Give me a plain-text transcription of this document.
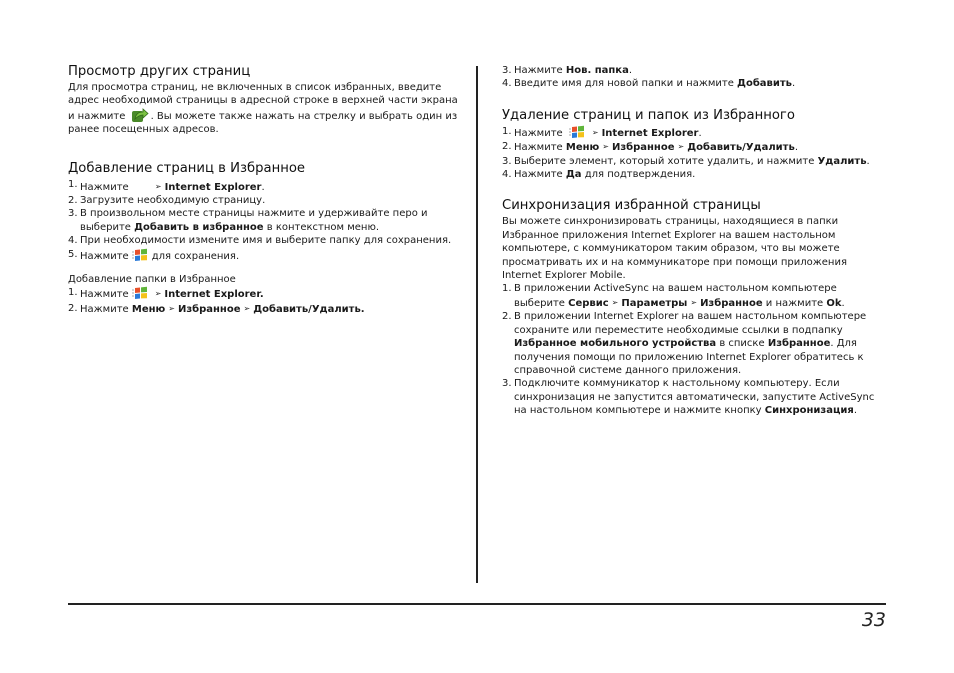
Просмотр других страниц

Для просмотра страниц, не включенных в список избранных, введите адрес необходимой страницы в адресной строке в верхней части экрана и нажмите	. Вы можете также нажать на стрелку и выбрать один из ранее посещенных адресов.

Добавление страниц в Избранное
1. Нажмите	➢ Internet Explorer.
2. Загрузите необходимую страницу.
3. В произвольном месте страницы нажмите и удерживайте перо и выберите Добавить в избранное в контекстном меню.
4. При необходимости измените имя и выберите папку для сохранения.
5. Нажмите для сохранения.

Добавление папки в Избранное

1. Нажмите	➢ Internet Explorer.
2. Нажмите Меню ➢ Избранное ➢ Добавить/Удалить.
3. Нажмите Нов. папка.
4. Введите имя для новой папки и нажмите Добавить.
Удаление страниц и папок из Избранного
1. Нажмите	➢ Internet Explorer.
2. Нажмите Меню ➢ Избранное ➢ Добавить/Удалить.
3. Выберите элемент, который хотите удалить, и нажмите Удалить.
4. Нажмите Да для подтверждения.
Синхронизация избранной страницы

Вы можете синхронизировать страницы, находящиеся в папки Избранное приложения Internet Explorer на вашем настольном компьютере, с коммуникатором таким образом, что вы можете просматривать их и на коммуникаторе при помощи приложения Internet Explorer Mobile.

1. В приложении ActiveSync на вашем настольном компьютере выберите Сервис ➢ Параметры ➢ Избранное и нажмите Ok.
2. В приложении Internet Explorer на вашем настольном компьютере сохраните или переместите необходимые ссылки в подпапку Избранное мобильного устройства в списке Избранное. Для получения помощи по приложению Internet Explorer обратитесь к справочной системе данного приложения.
3. Подключите коммуникатор к настольному компьютеру. Если синхронизация не запустится автоматически, запустите ActiveSync на настольном компьютере и нажмите кнопку Синхронизация.
33
